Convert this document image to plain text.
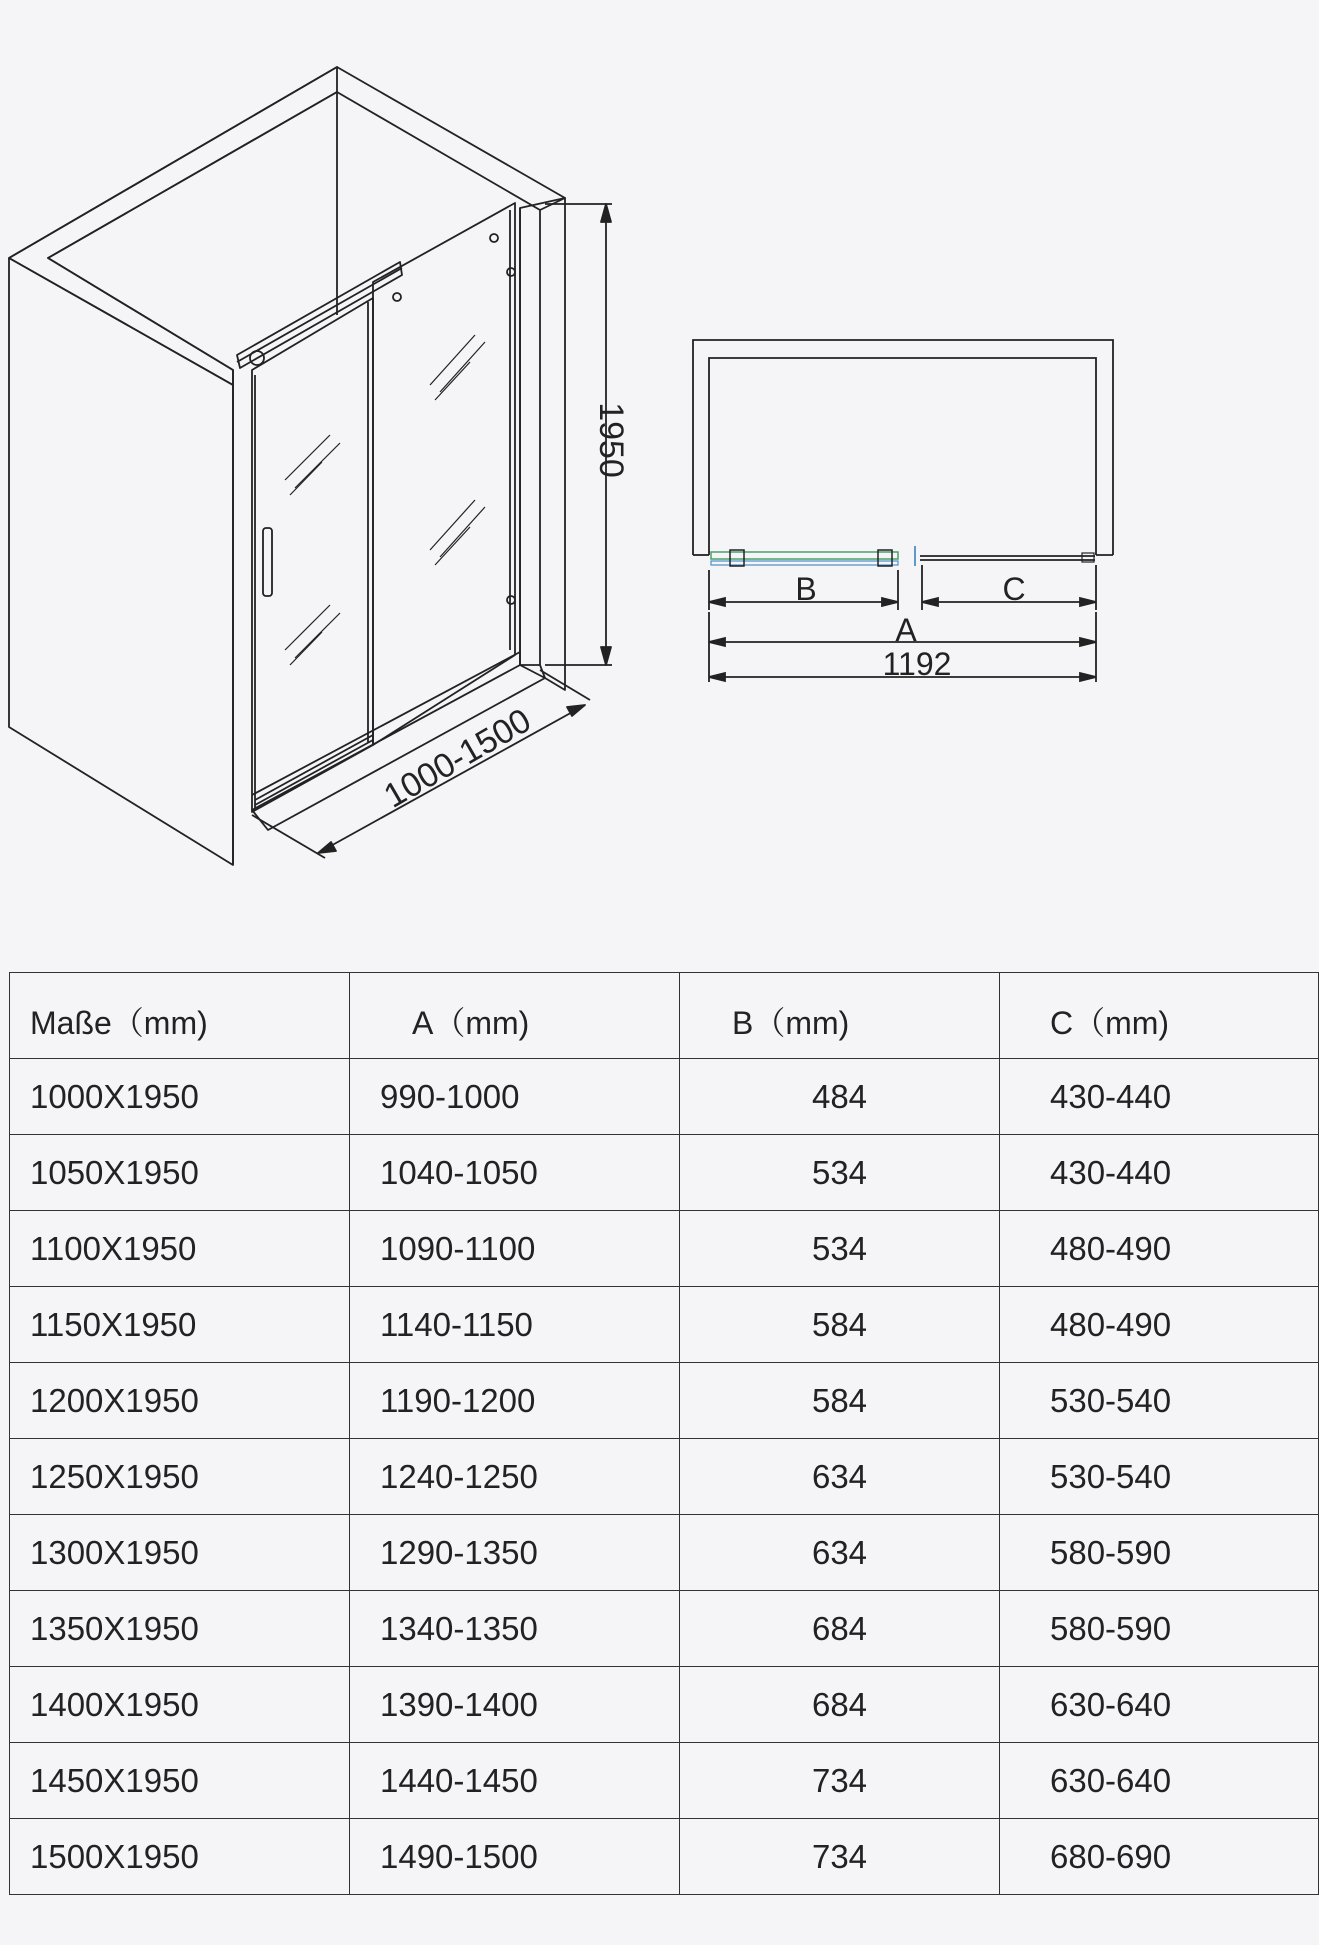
1950
1000-1500
B	C
A
1192
Maße（mm)	A（mm)	B（mm)	C（mm)
1000X1950	990-1000	484	430-440
1050X1950	1040-1050	534	430-440
1100X1950	1090-1100	534	480-490
1150X1950	1140-1150	584	480-490
1200X1950	1190-1200	584	530-540
1250X1950	1240-1250	634	530-540
1300X1950	1290-1350	634	580-590
1350X1950	1340-1350	684	580-590
1400X1950	1390-1400	684	630-640
1450X1950	1440-1450	734	630-640
1500X1950	1490-1500	734	680-690
